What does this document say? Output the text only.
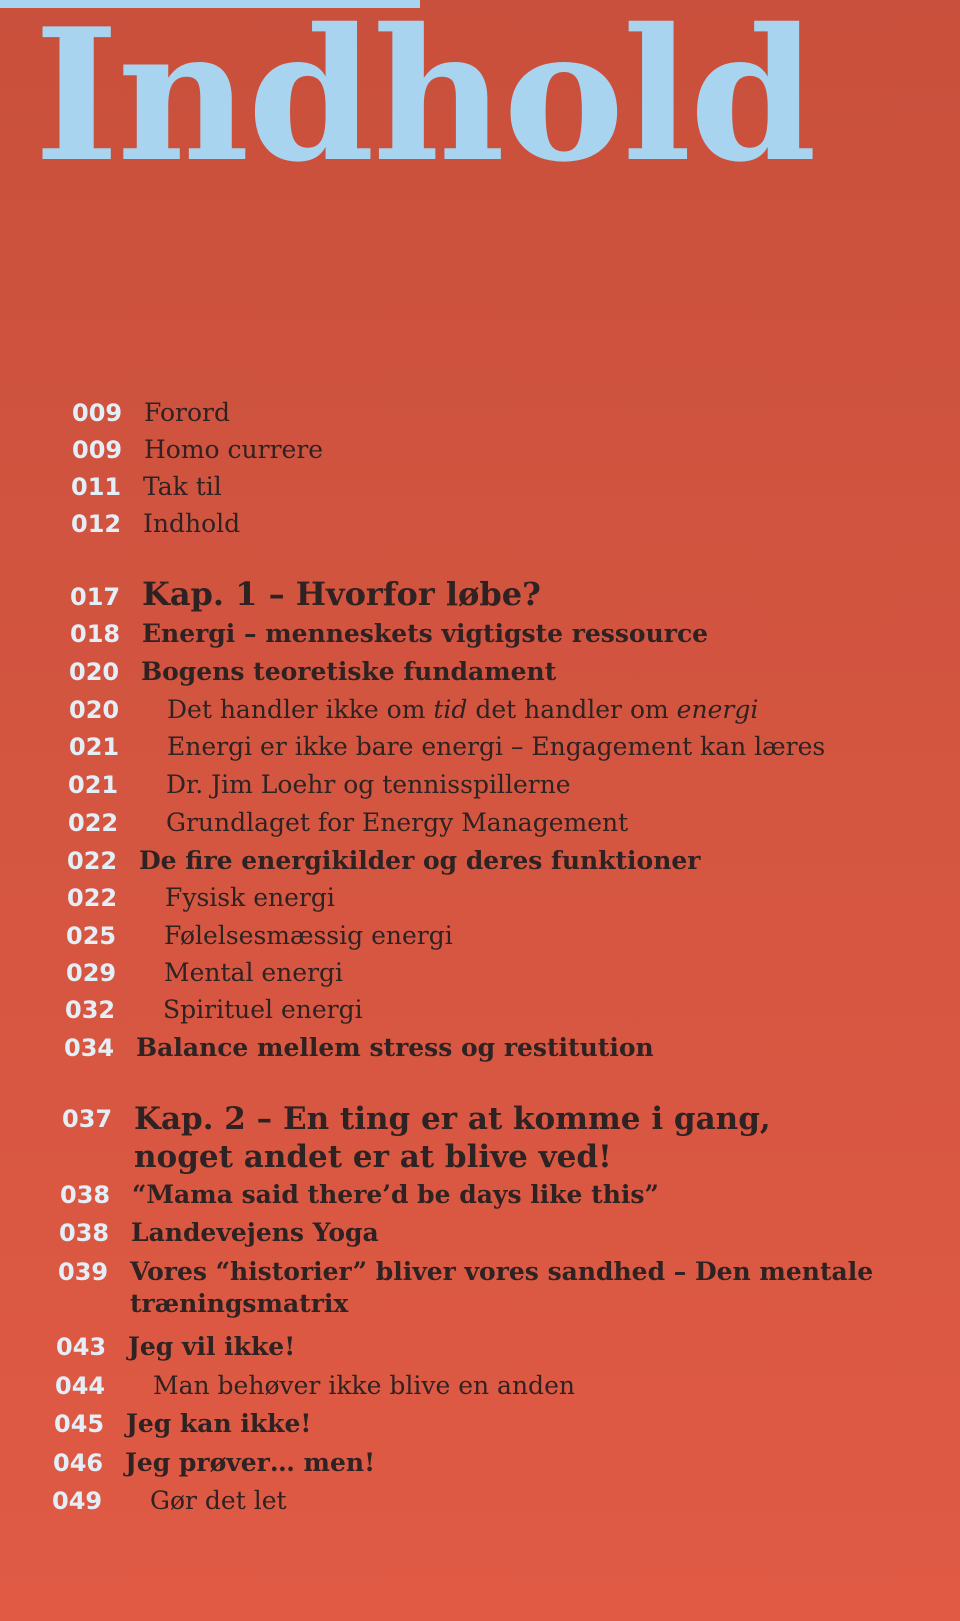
Indhold
009 Forord
009 Homo currere
011 Tak til
012 Indhold
017 Kap. 1 – Hvorfor løbe?
018 Energi – menneskets vigtigste ressource
020 Bogens teoretiske fundament
020	Det handler ikke om tid det handler om energi
021	Energi er ikke bare energi – Engagement kan læres
021	Dr. Jim Loehr og tennisspillerne
022	Grundlaget for Energy Management
022 De fire energikilder og deres funktioner
022	Fysisk energi
025	Følelsesmæssig energi
029	Mental energi
032	Spirituel energi
034 Balance mellem stress og restitution
037 Kap. 2 – En ting er at komme i gang,
noget andet er at blive ved!
038 “Mama said there’d be days like this”
038 Landevejens Yoga
039 Vores “historier” bliver vores sandhed – Den mentale
træningsmatrix
043 Jeg vil ikke!
044	Man behøver ikke blive en anden
045 Jeg kan ikke!
046 Jeg prøver… men!
049	Gør det let
